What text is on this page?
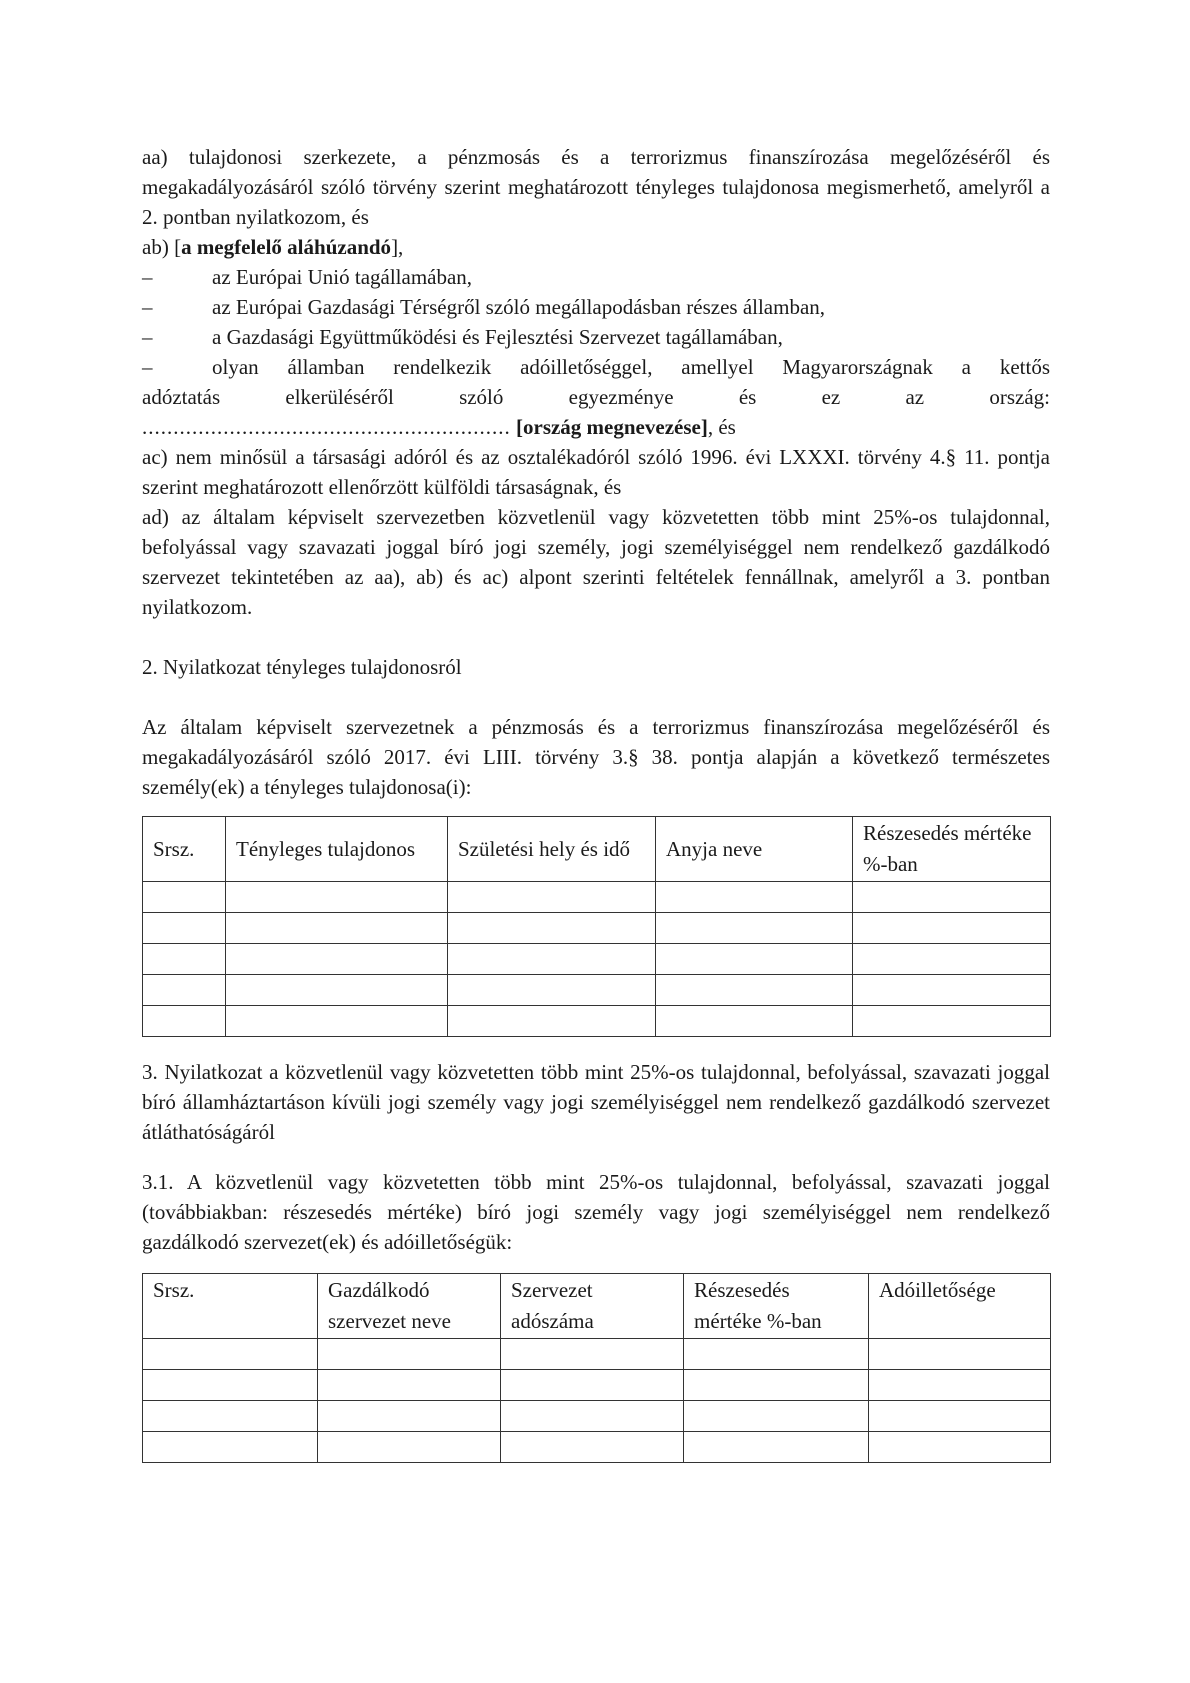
aa) tulajdonosi szerkezete, a pénzmosás és a terrorizmus finanszírozása megelőzéséről és megakadályozásáról szóló törvény szerint meghatározott tényleges tulajdonosa megismerhető, amelyről a 2. pontban nyilatkozom, és

ab) [a megfelelő aláhúzandó],

–	az Európai Unió tagállamában,
–	az Európai Gazdasági Térségről szóló megállapodásban részes államban,
–	a Gazdasági Együttműködési és Fejlesztési Szervezet tagállamában,
–	olyan államban rendelkezik adóilletőséggel, amellyel Magyarországnak a kettős

adóztatás elkerüléséről szóló egyezménye és ez az ország:

........................................................... [ország megnevezése], és

ac) nem minősül a társasági adóról és az osztalékadóról szóló 1996. évi LXXXI. törvény 4.§ 11. pontja szerint meghatározott ellenőrzött külföldi társaságnak, és

ad) az általam képviselt szervezetben közvetlenül vagy közvetetten több mint 25%-os tulajdonnal, befolyással vagy szavazati joggal bíró jogi személy, jogi személyiséggel nem rendelkező gazdálkodó szervezet tekintetében az aa), ab) és ac) alpont szerinti feltételek fennállnak, amelyről a 3. pontban nyilatkozom.

2. Nyilatkozat tényleges tulajdonosról

Az általam képviselt szervezetnek a pénzmosás és a terrorizmus finanszírozása megelőzéséről és megakadályozásáról szóló 2017. évi LIII. törvény 3.§ 38. pontja alapján a következő természetes személy(ek) a tényleges tulajdonosa(i):

Srsz.	Tényleges tulajdonos	Születési hely és idő	Anyja neve	Részesedés mértéke %-ban

3. Nyilatkozat a közvetlenül vagy közvetetten több mint 25%-os tulajdonnal, befolyással, szavazati joggal bíró államháztartáson kívüli jogi személy vagy jogi személyiséggel nem rendelkező gazdálkodó szervezet átláthatóságáról

3.1. A közvetlenül vagy közvetetten több mint 25%-os tulajdonnal, befolyással, szavazati joggal (továbbiakban: részesedés mértéke) bíró jogi személy vagy jogi személyiséggel nem rendelkező gazdálkodó szervezet(ek) és adóilletőségük:

Srsz.	Gazdálkodó szervezet neve	Szervezet adószáma	Részesedés mértéke %-ban	Adóilletősége
